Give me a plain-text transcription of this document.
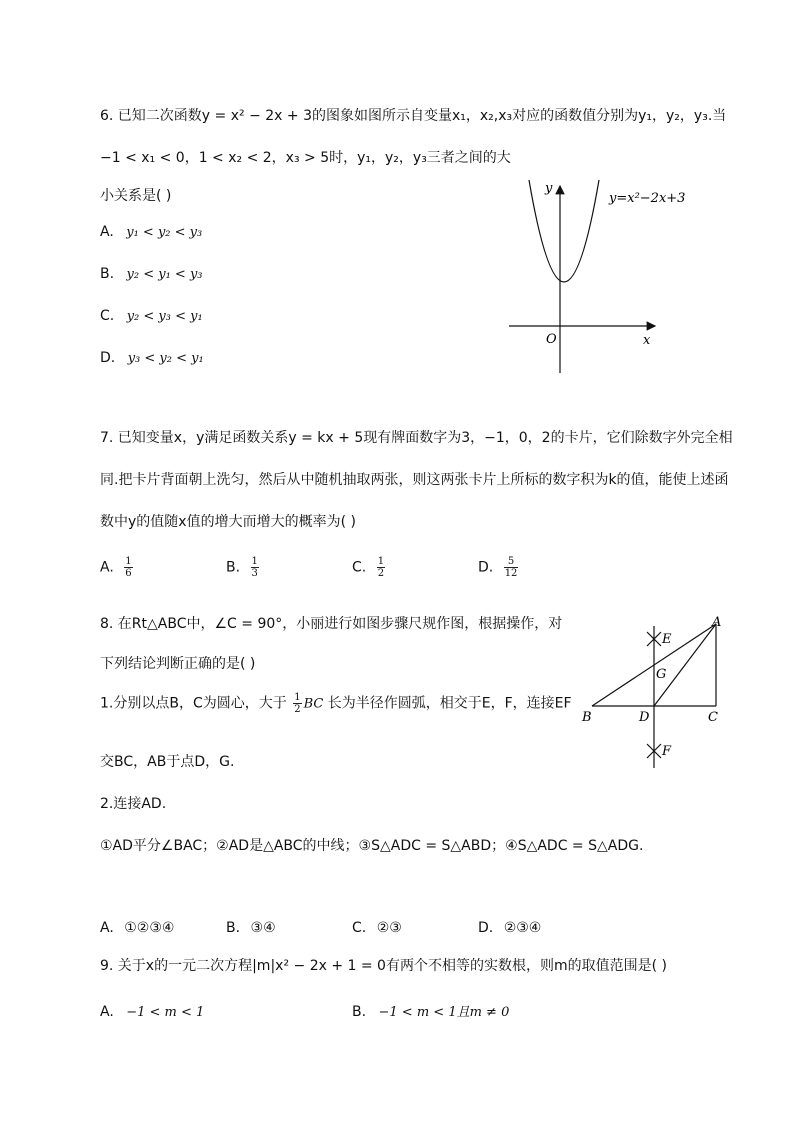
6. 已知二次函数y = x² − 2x + 3的图象如图所示自变量x₁，x₂,x₃对应的函数值分别为y₁，y₂，y₃.当
−1 < x₁ < 0，1 < x₂ < 2，x₃ > 5时，y₁，y₂，y₃三者之间的大
小关系是( )
A. y₁ < y₂ < y₃
B. y₂ < y₁ < y₃
C. y₂ < y₃ < y₁
D. y₃ < y₂ < y₁
y
x
O
y=x²−2x+3
7. 已知变量x，y满足函数关系y = kx + 5现有牌面数字为3，−1，0，2的卡片，它们除数字外完全相
同.把卡片背面朝上洗匀，然后从中随机抽取两张，则这两张卡片上所标的数字积为k的值，能使上述函
数中y的值随x值的增大而增大的概率为( )
A. $\frac{1}{6}$	B. $\frac{1}{3}$	C. $\frac{1}{2}$	D. $\frac{5}{12}$
8. 在Rt△ABC中，∠C = 90°，小丽进行如图步骤尺规作图，根据操作，对
下列结论判断正确的是( )
1.分别以点B，C为圆心，大于 $\frac{1}{2}$ BC 长为半径作圆弧，相交于E，F，连接EF
交BC，AB于点D，G.
2.连接AD.
①AD平分∠BAC；②AD是△ABC的中线；③S△ADC = S△ABD；④S△ADC = S△ADG.
A. ①②③④	B. ③④	C. ②③	D. ②③④
A
B	C
D
E
F
G
9. 关于x的一元二次方程|m|x² − 2x + 1 = 0有两个不相等的实数根，则m的取值范围是( )
A. −1 < m < 1	B. −1 < m < 1且m ≠ 0
